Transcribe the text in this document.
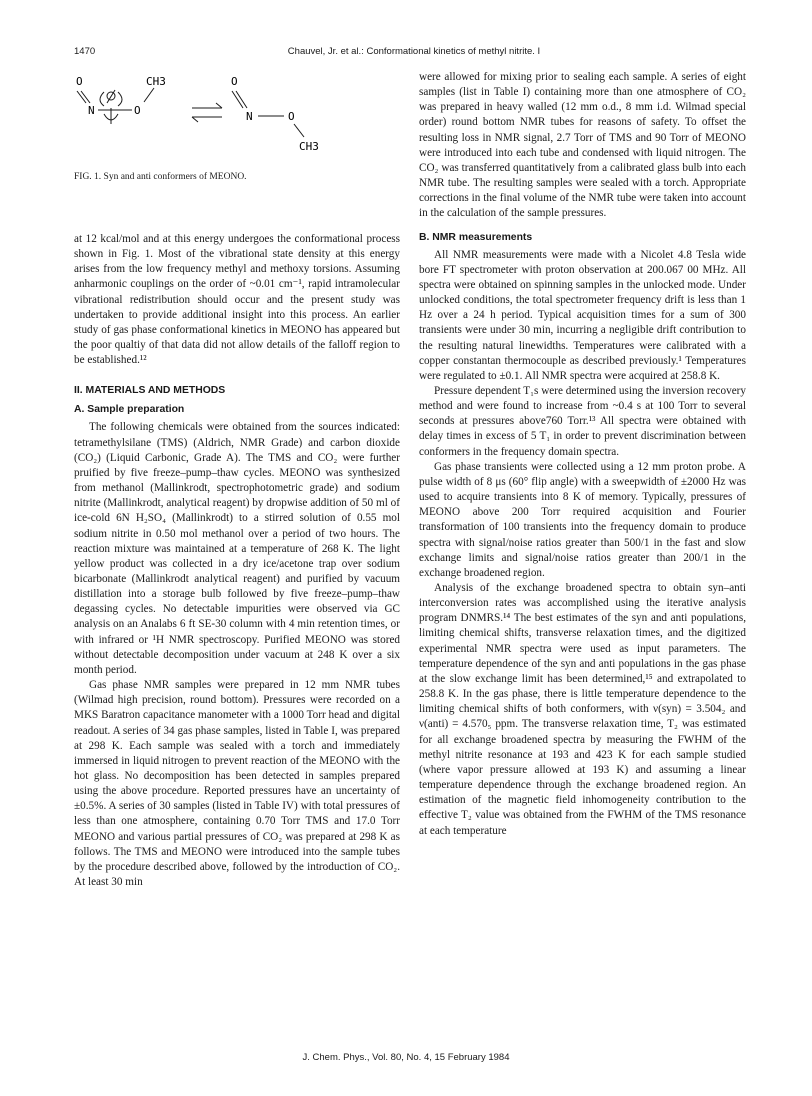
1470	Chauvel, Jr. et al.: Conformational kinetics of methyl nitrite. I
O	CH3
N	O
O
N	O
CH3
FIG. 1. Syn and anti conformers of MEONO.

at 12 kcal/mol and at this energy undergoes the conformational process shown in Fig. 1. Most of the vibrational state density at this energy arises from the low frequency methyl and methoxy torsions. Assuming anharmonic couplings on the order of ~0.01 cm⁻¹, rapid intramolecular vibrational redistribution should occur and the present study was undertaken to provide additional insight into this process. An earlier study of gas phase conformational kinetics in MEONO has appeared but the poor qualtiy of that data did not allow details of the falloff region to be established.¹²

II. MATERIALS AND METHODS
A. Sample preparation

The following chemicals were obtained from the sources indicated: tetramethylsilane (TMS) (Aldrich, NMR Grade) and carbon dioxide (CO₂) (Liquid Carbonic, Grade A). The TMS and CO₂ were further pruified by five freeze–pump–thaw cycles. MEONO was synthesized from methanol (Mallinkrodt, spectrophotometric grade) and sodium nitrite (Mallinkrodt, analytical reagent) by dropwise addition of 50 ml of ice-cold 6N H₂SO₄ (Mallinkrodt) to a stirred solution of 0.55 mol sodium nitrite in 0.50 mol methanol over a period of two hours. The reaction mixture was maintained at a temperature of 268 K. The light yellow product was collected in a dry ice/acetone trap over sodium bicarbonate (Mallinkrodt analytical reagent) and purified by vacuum distillation into a storage bulb followed by five freeze–pump–thaw degassing cycles. No detectable impurities were observed via GC analysis on an Analabs 6 ft SE-30 column with 4 min retention times, or with infrared or ¹H NMR spectroscopy. Purified MEONO was stored without detectable decomposition under vacuum at 248 K over a six month period.

Gas phase NMR samples were prepared in 12 mm NMR tubes (Wilmad high precision, round bottom). Pressures were recorded on a MKS Baratron capacitance manometer with a 1000 Torr head and digital readout. A series of 34 gas phase samples, listed in Table I, was prepared at 298 K. Each sample was sealed with a torch and immediately immersed in liquid nitrogen to prevent reaction of the MEONO with the hot glass. No decomposition has been detected in samples prepared using the above procedure. Reported pressures have an uncertainty of ±0.5%. A series of 30 samples (listed in Table IV) with total pressures of less than one atmosphere, containing 0.70 Torr TMS and 17.0 Torr MEONO and various partial pressures of CO₂ was prepared at 298 K as follows. The TMS and MEONO were introduced into the sample tubes by the procedure described above, followed by the introduction of CO₂. At least 30 min

were allowed for mixing prior to sealing each sample. A series of eight samples (list in Table I) containing more than one atmosphere of CO₂ was prepared in heavy walled (12 mm o.d., 8 mm i.d. Wilmad special order) round bottom NMR tubes for reasons of safety. To offset the resulting loss in NMR signal, 2.7 Torr of TMS and 90 Torr of MEONO were introduced into each tube and condensed with liquid nitrogen. The CO₂ was transferred quantitatively from a calibrated glass bulb into each NMR tube. The resulting samples were sealed with a torch. Appropriate corrections in the final volume of the NMR tube were taken into account in the calculation of the sample pressures.

B. NMR measurements

All NMR measurements were made with a Nicolet 4.8 Tesla wide bore FT spectrometer with proton observation at 200.067 00 MHz. All spectra were obtained on spinning samples in the unlocked mode. Under unlocked conditions, the total spectrometer frequency drift is less than 1 Hz over a 24 h period. Typical acquisition times for a sum of 300 transients were under 30 min, incurring a negligible drift contribution to the resulting natural linewidths. Temperatures were calibrated with a copper constantan thermocouple as described previously.¹ Temperatures were regulated to ±0.1. All NMR spectra were acquired at 258.8 K.

Pressure dependent T₁s were determined using the inversion recovery method and were found to increase from ~0.4 s at 100 Torr to several seconds at pressures above760 Torr.¹³ All spectra were obtained with delay times in excess of 5 T₁ in order to prevent discrimination between conformers in the frequency domain spectra.

Gas phase transients were collected using a 12 mm proton probe. A pulse width of 8 μs (60° flip angle) with a sweepwidth of ±2000 Hz was used to acquire transients into 8 K of memory. Typically, pressures of MEONO above 200 Torr required acquisition and Fourier transformation of 100 transients into the frequency domain to produce spectra with signal/noise ratios greater than 500/1 in the fast and slow exchange limits and signal/noise ratios greater than 200/1 in the exchange broadened region.

Analysis of the exchange broadened spectra to obtain syn–anti interconversion rates was accomplished using the iterative analysis program DNMRS.¹⁴ The best estimates of the syn and anti populations, limiting chemical shifts, transverse relaxation times, and the digitized experimental NMR spectra were used as input parameters. The temperature dependence of the syn and anti populations in the gas phase at the slow exchange limit has been determined,¹⁵ and extrapolated to 258.8 K. In the gas phase, there is little temperature dependence to the limiting chemical shifts of both conformers, with ν(syn) = 3.504₂ and ν(anti) = 4.570₅ ppm. The transverse relaxation time, T₂ was estimated for all exchange broadened spectra by measuring the FWHM of the methyl nitrite resonance at 193 and 423 K for each sample studied (where vapor pressure allowed at 193 K) and assuming a linear temperature dependence through the exchange broadened region. An estimation of the magnetic field inhomogeneity contribution to the effective T₂ value was obtained from the FWHM of the TMS resonance at each temperature

J. Chem. Phys., Vol. 80, No. 4, 15 February 1984
